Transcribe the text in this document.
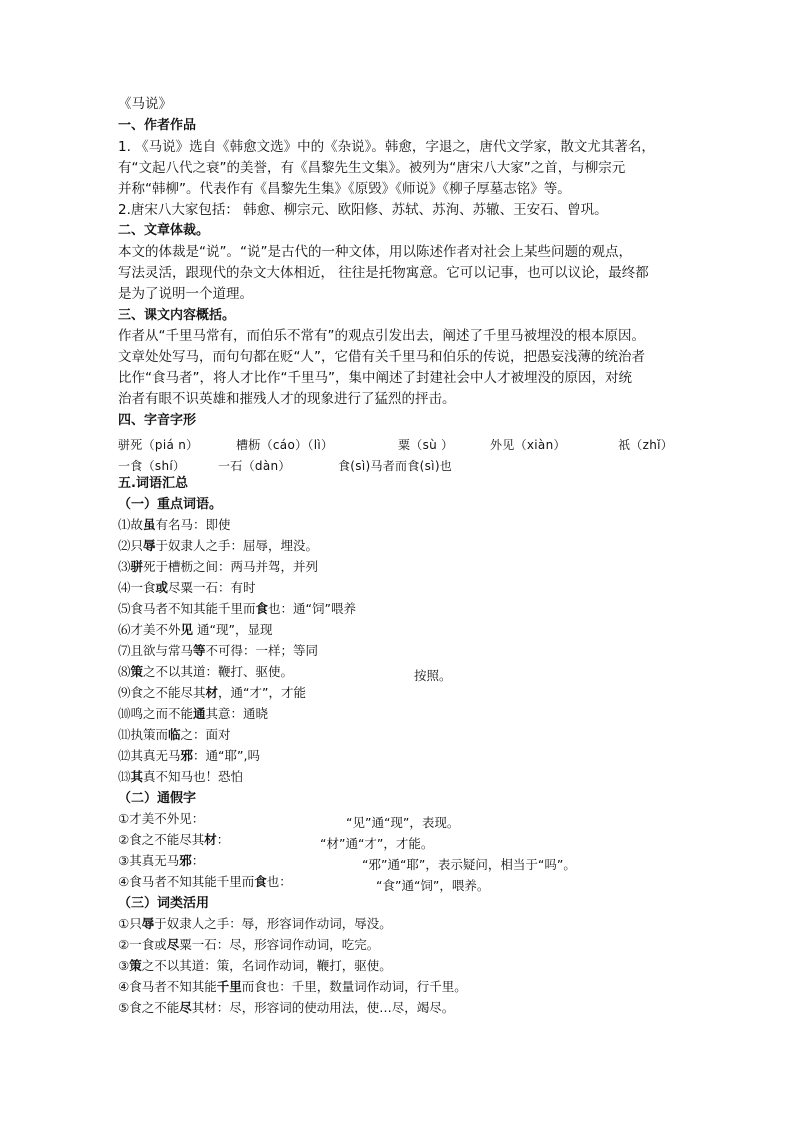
《马说》
一、作者作品
1. 《马说》选自《韩愈文选》中的《杂说》。韩愈，字退之，唐代文学家，散文尤其著名，
有“文起八代之衰”的美誉，有《昌黎先生文集》。被列为“唐宋八大家”之首，与柳宗元
并称“韩柳”。代表作有《昌黎先生集》《原毁》《师说》《柳子厚墓志铭》等。
2.唐宋八大家包括： 韩愈、柳宗元、欧阳修、苏轼、苏洵、苏辙、王安石、曾巩。
二、文章体裁。
本文的体裁是“说”。“说”是古代的一种文体，用以陈述作者对社会上某些问题的观点，
写法灵活，跟现代的杂文大体相近， 往往是托物寓意。它可以记事，也可以议论，最终都
是为了说明一个道理。
三、课文内容概括。
作者从“千里马常有，而伯乐不常有”的观点引发出去，阐述了千里马被埋没的根本原因。
文章处处写马，而句句都在贬“人”，它借有关千里马和伯乐的传说，把愚妄浅薄的统治者
比作“食马者”，将人才比作“千里马”，集中阐述了封建社会中人才被埋没的原因，对统
治者有眼不识英雄和摧残人才的现象进行了猛烈的抨击。
四、字音字形
骈死（piá n）	槽枥（cáo）（lì）	粟（sù ）	外见（xiàn）	祇（zhǐ）
一食（shí）	一石（dàn）	食(sì)马者而食(sì)也
五.词语汇总
（一）重点词语。
⑴故虽有名马：即使
⑵只辱于奴隶人之手：屈辱，埋没。
⑶骈死于槽枥之间：两马并驾，并列
⑷一食或尽粟一石：有时
⑸食马者不知其能千里而食也：通“饲”喂养
⑹才美不外见 通“现”，显现
⑺且欲与常马等不可得：一样；等同
⑻策之不以其道：鞭打、驱使。	按照。
⑼食之不能尽其材，通“才”，才能
⑽鸣之而不能通其意：通晓
⑾执策而临之：面对
⑿其真无马邪：通“耶”,吗
⒀其真不知马也！恐怕
（二）通假字
①才美不外见：	“见”通“现”，表现。
②食之不能尽其材：	“材”通“才”，才能。
③其真无马邪：	“邪”通“耶”，表示疑问，相当于“吗”。
④食马者不知其能千里而食也：	“食”通“饲”，喂养。
（三）词类活用
①只辱于奴隶人之手：辱，形容词作动词，辱没。
②一食或尽粟一石：尽，形容词作动词，吃完。
③策之不以其道：策，名词作动词，鞭打，驱使。
④食马者不知其能千里而食也：千里，数量词作动词，行千里。
⑤食之不能尽其材：尽，形容词的使动用法，使…尽，竭尽。
